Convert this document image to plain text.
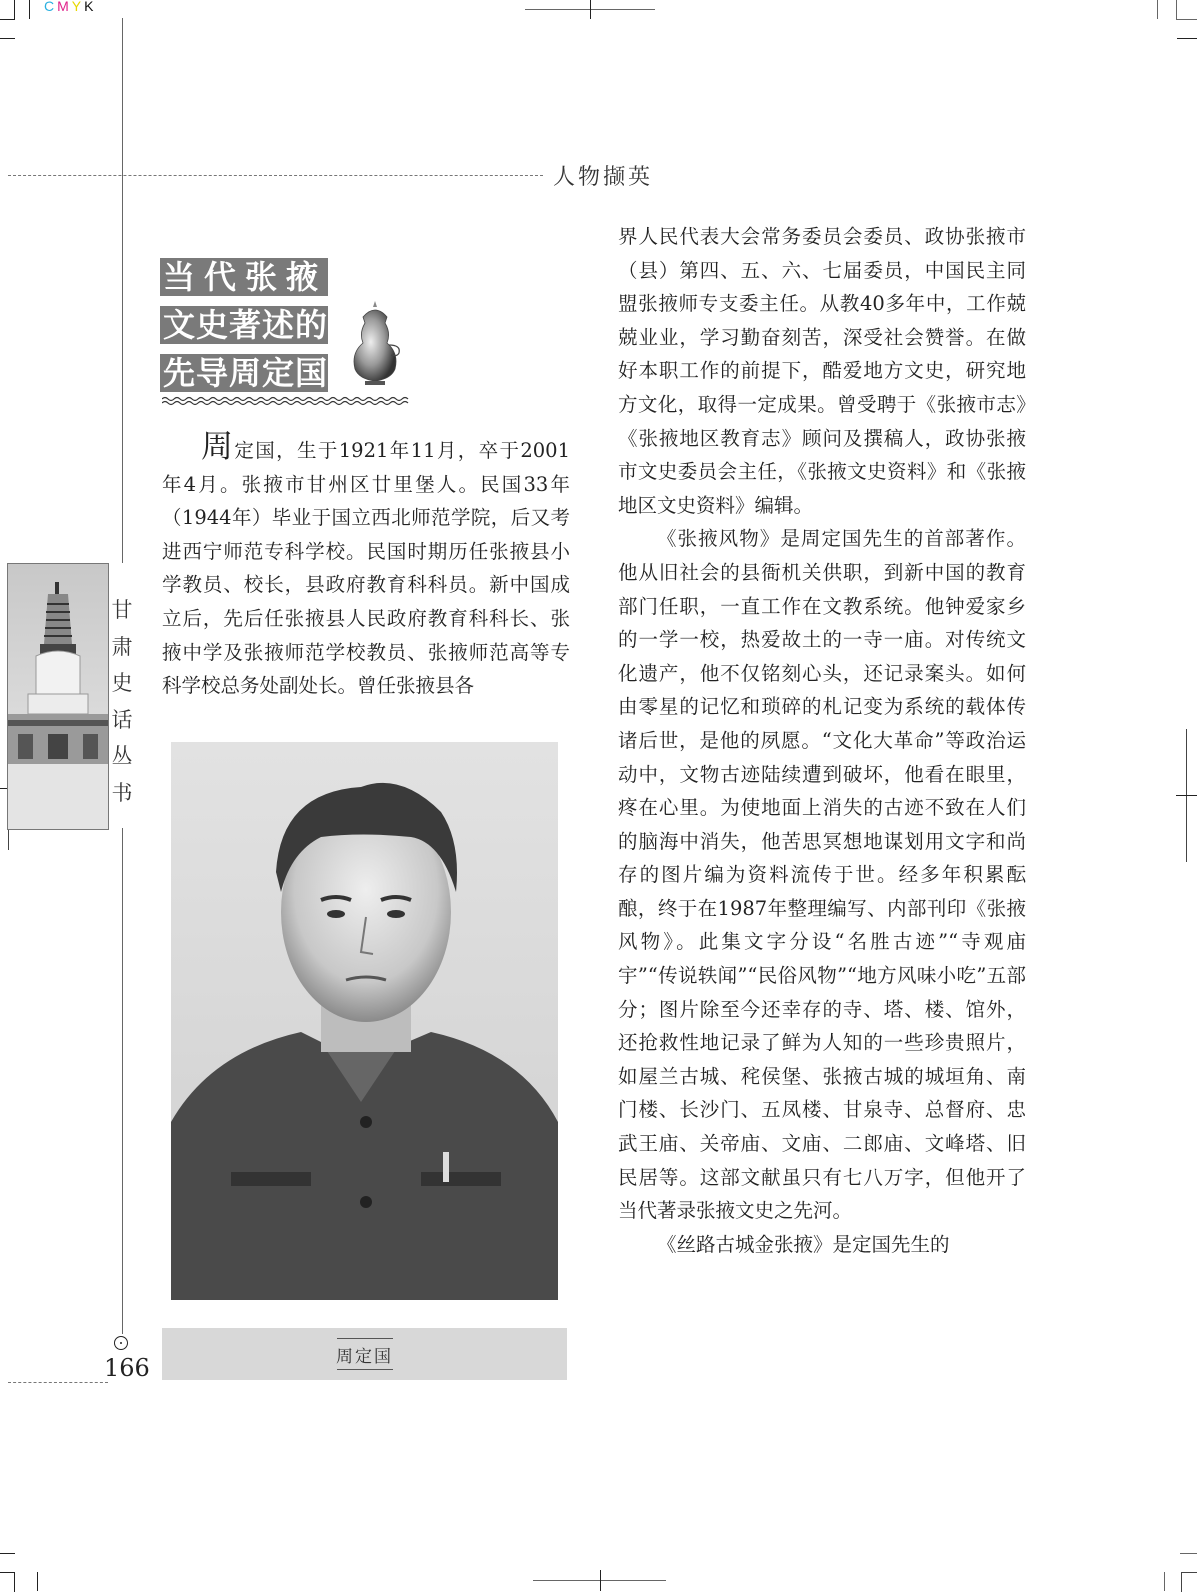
C M Y K
人物撷英
当代张掖
文史著述的
先导周定国

周定国，生于1921年11月，卒于2001年4月。张掖市甘州区廿里堡人。民国33年（1944年）毕业于国立西北师范学院，后又考进西宁师范专科学校。民国时期历任张掖县小学教员、校长，县政府教育科科员。新中国成立后，先后任张掖县人民政府教育科科长、张掖中学及张掖师范学校教员、张掖师范高等专科学校总务处副处长。曾任张掖县各

周定国

界人民代表大会常务委员会委员、政协张掖市（县）第四、五、六、七届委员，中国民主同盟张掖师专支委主任。从教40多年中，工作兢兢业业，学习勤奋刻苦，深受社会赞誉。在做好本职工作的前提下，酷爱地方文史，研究地方文化，取得一定成果。曾受聘于《张掖市志》《张掖地区教育志》顾问及撰稿人，政协张掖市文史委员会主任，《张掖文史资料》和《张掖地区文史资料》编辑。

《张掖风物》是周定国先生的首部著作。他从旧社会的县衙机关供职，到新中国的教育部门任职，一直工作在文教系统。他钟爱家乡的一学一校，热爱故土的一寺一庙。对传统文化遗产，他不仅铭刻心头，还记录案头。如何由零星的记忆和琐碎的札记变为系统的载体传诸后世，是他的夙愿。“文化大革命”等政治运动中，文物古迹陆续遭到破坏，他看在眼里，疼在心里。为使地面上消失的古迹不致在人们的脑海中消失，他苦思冥想地谋划用文字和尚存的图片编为资料流传于世。经多年积累酝酿，终于在1987年整理编写、内部刊印《张掖风物》。此集文字分设“名胜古迹”“寺观庙宇”“传说轶闻”“民俗风物”“地方风味小吃”五部分；图片除至今还幸存的寺、塔、楼、馆外，还抢救性地记录了鲜为人知的一些珍贵照片，如屋兰古城、秺侯堡、张掖古城的城垣角、南门楼、长沙门、五凤楼、甘泉寺、总督府、忠武王庙、关帝庙、文庙、二郎庙、文峰塔、旧民居等。这部文献虽只有七八万字，但他开了当代著录张掖文史之先河。

《丝路古城金张掖》是定国先生的

甘
肃
史
话
丛
书
166
